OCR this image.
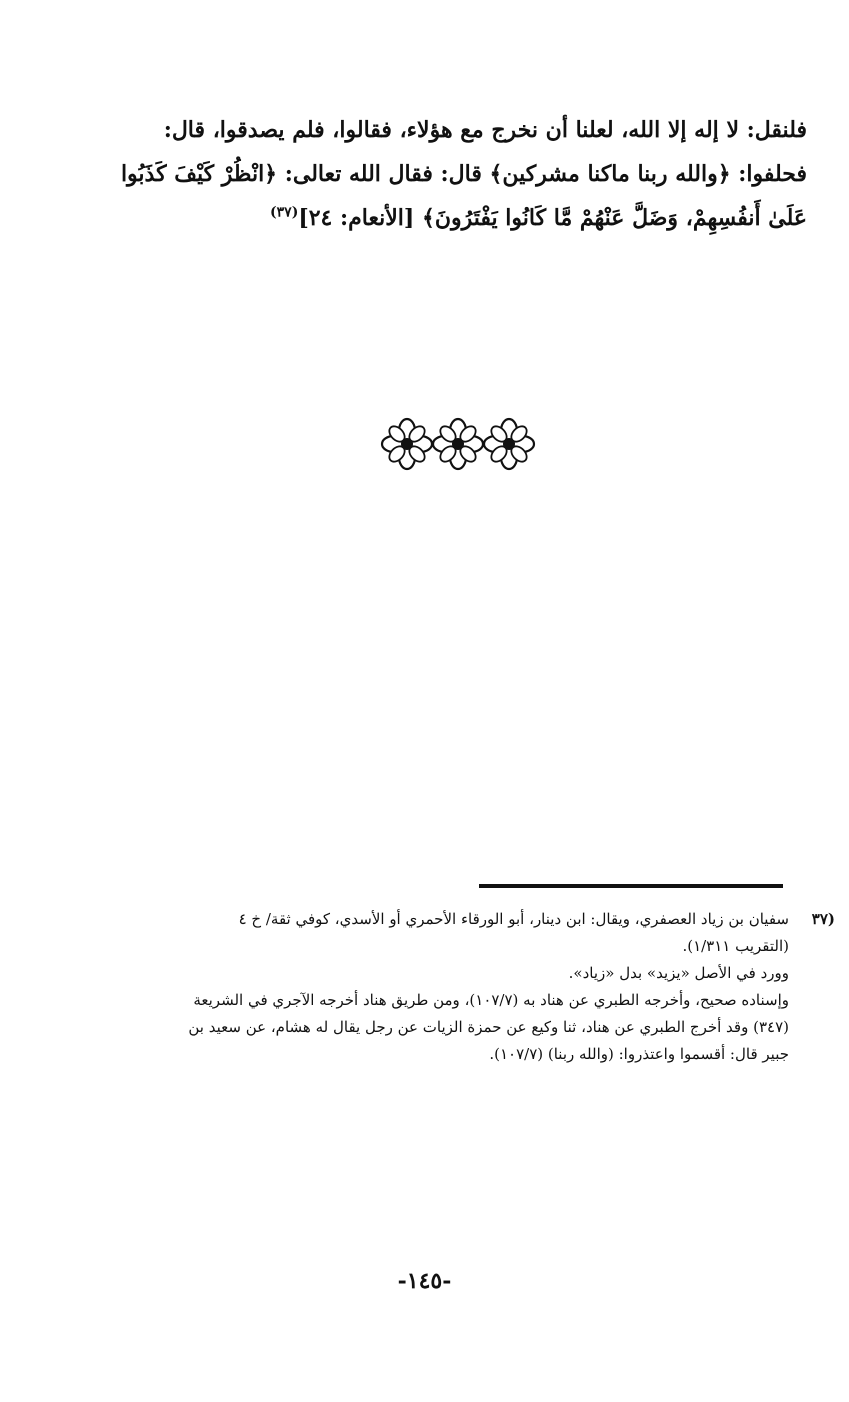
فلنقل: لا إله إلا الله، لعلنا أن نخرج مع هؤلاء، فقالوا، فلم يصدقوا، قال:
فحلفوا: ﴿والله ربنا ماكنا مشركين﴾ قال: فقال الله تعالى: ﴿انْظُرْ كَيْفَ كَذَبُوا
عَلَىٰ أَنفُسِهِمْ، وَضَلَّ عَنْهُمْ مَّا كَانُوا يَفْتَرُونَ﴾ [الأنعام: ٢٤]$^{(٣٧)}$
(٣٧
سفيان بن زياد العصفري، ويقال: ابن دينار، أبو الورقاء الأحمري أو الأسدي، كوفي ثقة/ خ ٤
(التقريب ١/٣١١).
وورد في الأصل «يزيد» بدل «زياد».
وإسناده صحيح، وأخرجه الطبري عن هناد به (١٠٧/٧)، ومن طريق هناد أخرجه الآجري في الشريعة
(٣٤٧) وقد أخرج الطبري عن هناد، ثنا وكيع عن حمزة الزيات عن رجل يقال له هشام، عن سعيد بن
جبير قال: أقسموا واعتذروا: (والله ربنا) (١٠٧/٧).
-١٤٥-
